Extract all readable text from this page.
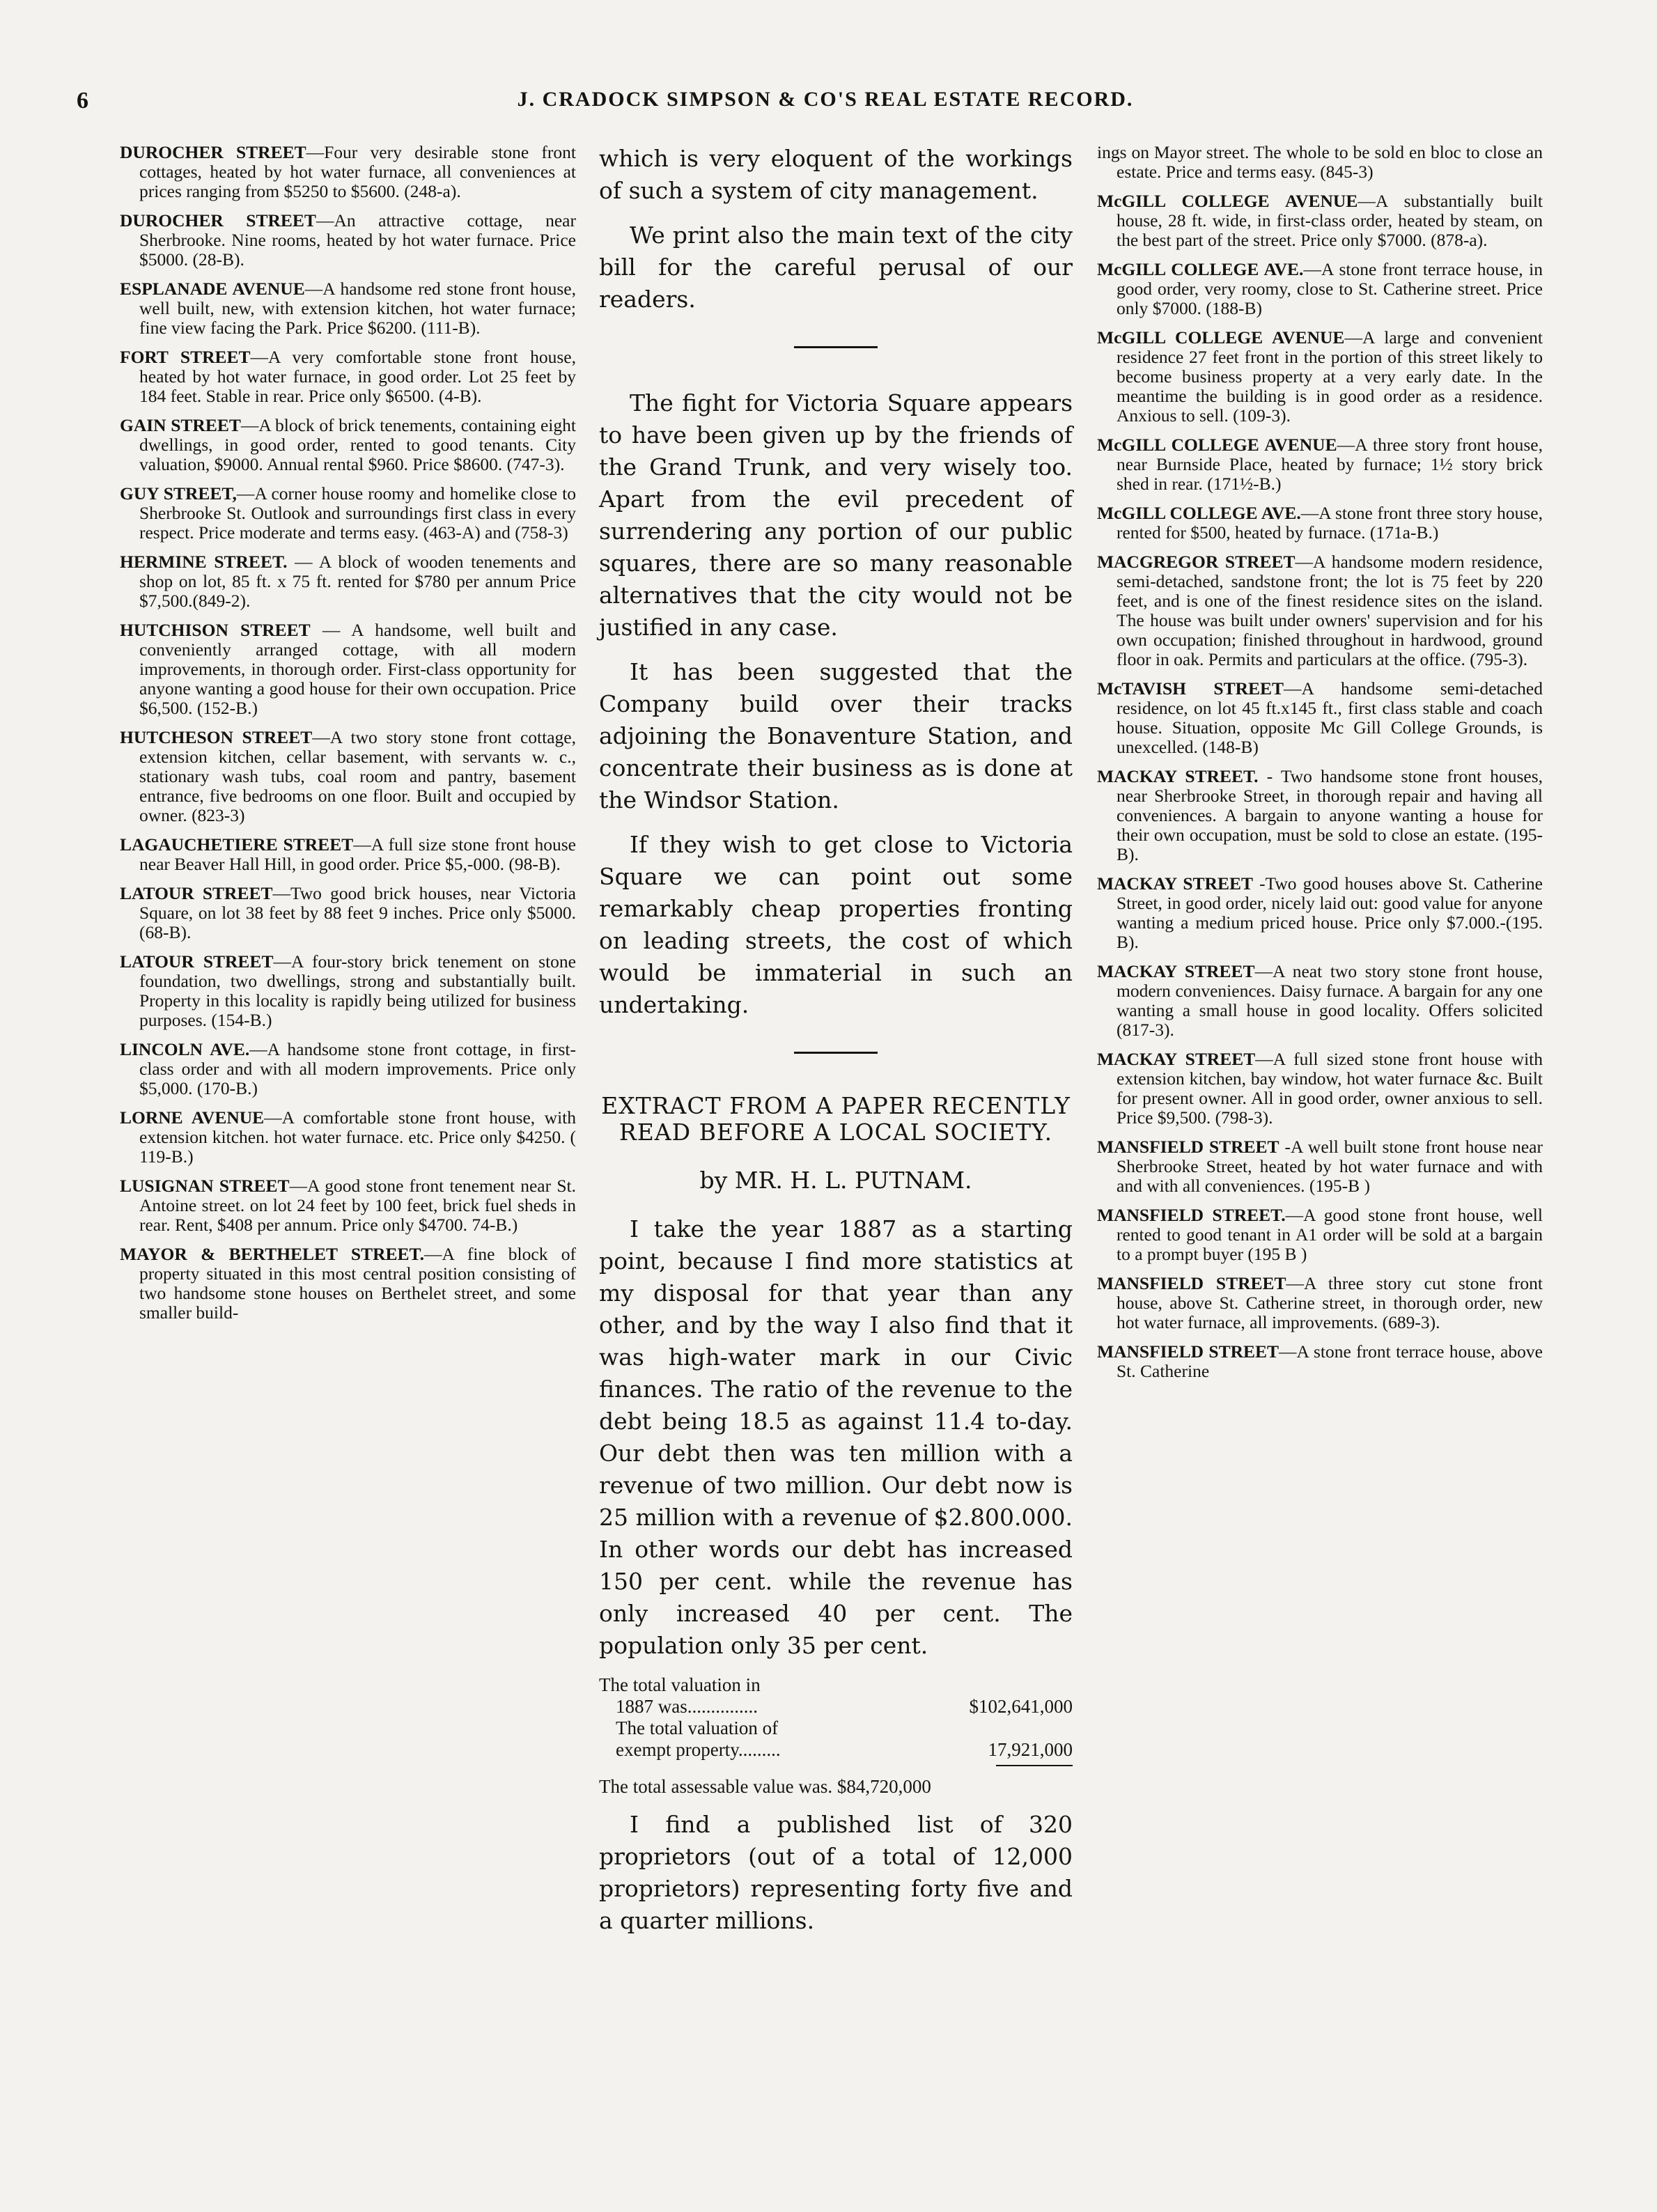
6	J. CRADOCK SIMPSON & CO'S REAL ESTATE RECORD.

DUROCHER STREET—Four very desirable stone front cottages, heated by hot water furnace, all conveniences at prices ranging from $5250 to $5600. (248-a).

DUROCHER STREET—An attractive cottage, near Sherbrooke. Nine rooms, heated by hot water furnace. Price $5000. (28-B).

ESPLANADE AVENUE—A handsome red stone front house, well built, new, with extension kitchen, hot water furnace; fine view facing the Park. Price $6200. (111-B).

FORT STREET—A very comfortable stone front house, heated by hot water furnace, in good order. Lot 25 feet by 184 feet. Stable in rear. Price only $6500. (4-B).

GAIN STREET—A block of brick tenements, containing eight dwellings, in good order, rented to good tenants. City valuation, $9000. Annual rental $960. Price $8600. (747-3).

GUY STREET,—A corner house roomy and homelike close to Sherbrooke St. Outlook and surroundings first class in every respect. Price moderate and terms easy. (463-A) and (758-3)

HERMINE STREET. — A block of wooden tenements and shop on lot, 85 ft. x 75 ft. rented for $780 per annum Price $7,500.(849-2).

HUTCHISON STREET — A handsome, well built and conveniently arranged cottage, with all modern improvements, in thorough order. First-class opportunity for anyone wanting a good house for their own occupation. Price $6,500. (152-B.)

HUTCHESON STREET—A two story stone front cottage, extension kitchen, cellar basement, with servants w. c., stationary wash tubs, coal room and pantry, basement entrance, five bedrooms on one floor. Built and occupied by owner. (823-3)

LAGAUCHETIERE STREET—A full size stone front house near Beaver Hall Hill, in good order. Price $5,-000. (98-B).

LATOUR STREET—Two good brick houses, near Victoria Square, on lot 38 feet by 88 feet 9 inches. Price only $5000. (68-B).

LATOUR STREET—A four-story brick tenement on stone foundation, two dwellings, strong and substantially built. Property in this locality is rapidly being utilized for business purposes. (154-B.)

LINCOLN AVE.—A handsome stone front cottage, in first-class order and with all modern improvements. Price only $5,000. (170-B.)

LORNE AVENUE—A comfortable stone front house, with extension kitchen. hot water furnace. etc. Price only $4250. ( 119-B.)

LUSIGNAN STREET—A good stone front tenement near St. Antoine street. on lot 24 feet by 100 feet, brick fuel sheds in rear. Rent, $408 per annum. Price only $4700. 74-B.)

MAYOR & BERTHELET STREET.—A fine block of property situated in this most central position consisting of two handsome stone houses on Berthelet street, and some smaller build-

which is very eloquent of the workings of such a system of city management.

We print also the main text of the city bill for the careful perusal of our readers.

The fight for Victoria Square appears to have been given up by the friends of the Grand Trunk, and very wisely too. Apart from the evil precedent of surrendering any portion of our public squares, there are so many reasonable alternatives that the city would not be justified in any case.

It has been suggested that the Company build over their tracks adjoining the Bonaventure Station, and concentrate their business as is done at the Windsor Station.

If they wish to get close to Victoria Square we can point out some remarkably cheap properties fronting on leading streets, the cost of which would be immaterial in such an undertaking.

EXTRACT FROM A PAPER RECENTLY READ BEFORE A LOCAL SOCIETY.
by MR. H. L. PUTNAM.

I take the year 1887 as a starting point, because I find more statistics at my disposal for that year than any other, and by the way I also find that it was high-water mark in our Civic finances. The ratio of the revenue to the debt being 18.5 as against 11.4 to-day. Our debt then was ten million with a revenue of two million. Our debt now is 25 million with a revenue of $2.800.000. In other words our debt has increased 150 per cent. while the revenue has only increased 40 per cent. The population only 35 per cent.

The total valuation in
1887 was...............	$102,641,000
The total valuation of
exempt property.........	17,921,000
The total assessable value was. $84,720,000

I find a published list of 320 proprietors (out of a total of 12,000 proprietors) representing forty five and a quarter millions.

ings on Mayor street. The whole to be sold en bloc to close an estate. Price and terms easy. (845-3)

McGILL COLLEGE AVENUE—A substantially built house, 28 ft. wide, in first-class order, heated by steam, on the best part of the street. Price only $7000. (878-a).

McGILL COLLEGE AVE.—A stone front terrace house, in good order, very roomy, close to St. Catherine street. Price only $7000. (188-B)

McGILL COLLEGE AVENUE—A large and convenient residence 27 feet front in the portion of this street likely to become business property at a very early date. In the meantime the building is in good order as a residence. Anxious to sell. (109-3).

McGILL COLLEGE AVENUE—A three story front house, near Burnside Place, heated by furnace; 1½ story brick shed in rear. (171½-B.)

McGILL COLLEGE AVE.—A stone front three story house, rented for $500, heated by furnace. (171a-B.)

MACGREGOR STREET—A handsome modern residence, semi-detached, sandstone front; the lot is 75 feet by 220 feet, and is one of the finest residence sites on the island. The house was built under owners' supervision and for his own occupation; finished throughout in hardwood, ground floor in oak. Permits and particulars at the office. (795-3).

McTAVISH STREET—A handsome semi-detached residence, on lot 45 ft.x145 ft., first class stable and coach house. Situation, opposite Mc Gill College Grounds, is unexcelled. (148-B)

MACKAY STREET. - Two handsome stone front houses, near Sherbrooke Street, in thorough repair and having all conveniences. A bargain to anyone wanting a house for their own occupation, must be sold to close an estate. (195-B).

MACKAY STREET -Two good houses above St. Catherine Street, in good order, nicely laid out: good value for anyone wanting a medium priced house. Price only $7.000.-(195. B).

MACKAY STREET—A neat two story stone front house, modern conveniences. Daisy furnace. A bargain for any one wanting a small house in good locality. Offers solicited (817-3).

MACKAY STREET—A full sized stone front house with extension kitchen, bay window, hot water furnace &c. Built for present owner. All in good order, owner anxious to sell. Price $9,500. (798-3).

MANSFIELD STREET -A well built stone front house near Sherbrooke Street, heated by hot water furnace and with and with all conveniences. (195-B )

MANSFIELD STREET.—A good stone front house, well rented to good tenant in A1 order will be sold at a bargain to a prompt buyer (195 B )

MANSFIELD STREET—A three story cut stone front house, above St. Catherine street, in thorough order, new hot water furnace, all improvements. (689-3).

MANSFIELD STREET—A stone front terrace house, above St. Catherine
